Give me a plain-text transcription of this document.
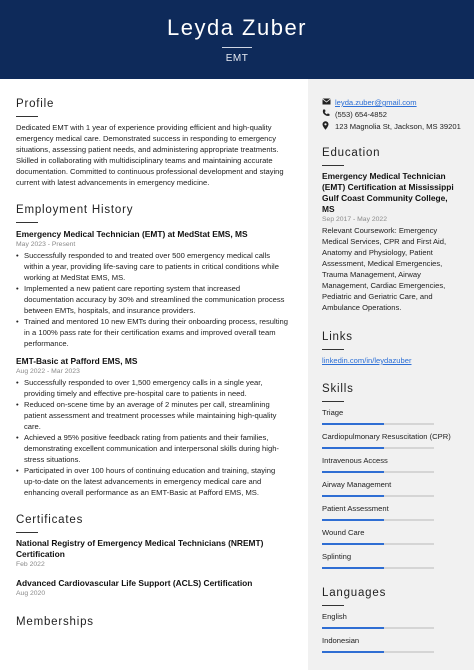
Leyda Zuber
EMT
Profile
Dedicated EMT with 1 year of experience providing efficient and high-quality emergency medical care. Demonstrated success in responding to emergency situations, assessing patient needs, and administering appropriate treatments. Skilled in collaborating with multidisciplinary teams and maintaining accurate documentation. Committed to continuous professional development and staying current with latest advancements in emergency medicine.
Employment History
Emergency Medical Technician (EMT) at MedStat EMS, MS
May 2023 - Present
• Successfully responded to and treated over 500 emergency medical calls within a year, providing life-saving care to patients in critical conditions while working at MedStat EMS, MS.
• Implemented a new patient care reporting system that increased documentation accuracy by 30% and streamlined the communication process between EMTs, hospitals, and insurance providers.
• Trained and mentored 10 new EMTs during their onboarding process, resulting in a 100% pass rate for their certification exams and improved overall team performance.
EMT-Basic at Pafford EMS, MS
Aug 2022 - Mar 2023
• Successfully responded to over 1,500 emergency calls in a single year, providing timely and effective pre-hospital care to patients in need.
• Reduced on-scene time by an average of 2 minutes per call, streamlining patient assessment and treatment processes while maintaining high-quality care.
• Achieved a 95% positive feedback rating from patients and their families, demonstrating excellent communication and interpersonal skills during high-stress situations.
• Participated in over 100 hours of continuing education and training, staying up-to-date on the latest advancements in emergency medical care and enhancing overall performance as an EMT-Basic at Pafford EMS, MS.
Certificates
National Registry of Emergency Medical Technicians (NREMT) Certification
Feb 2022
Advanced Cardiovascular Life Support (ACLS) Certification
Aug 2020
Memberships
leyda.zuber@gmail.com
(553) 654-4852
123 Magnolia St, Jackson, MS 39201
Education
Emergency Medical Technician (EMT) Certification at Mississippi Gulf Coast Community College, MS
Sep 2017 - May 2022
Relevant Coursework: Emergency Medical Services, CPR and First Aid, Anatomy and Physiology, Patient Assessment, Medical Emergencies, Trauma Management, Airway Management, Cardiac Emergencies, Pediatric and Geriatric Care, and Ambulance Operations.
Links
linkedin.com/in/leydazuber
Skills
Triage
Cardiopulmonary Resuscitation (CPR)
Intravenous Access
Airway Management
Patient Assessment
Wound Care
Splinting
Languages
English
Indonesian
